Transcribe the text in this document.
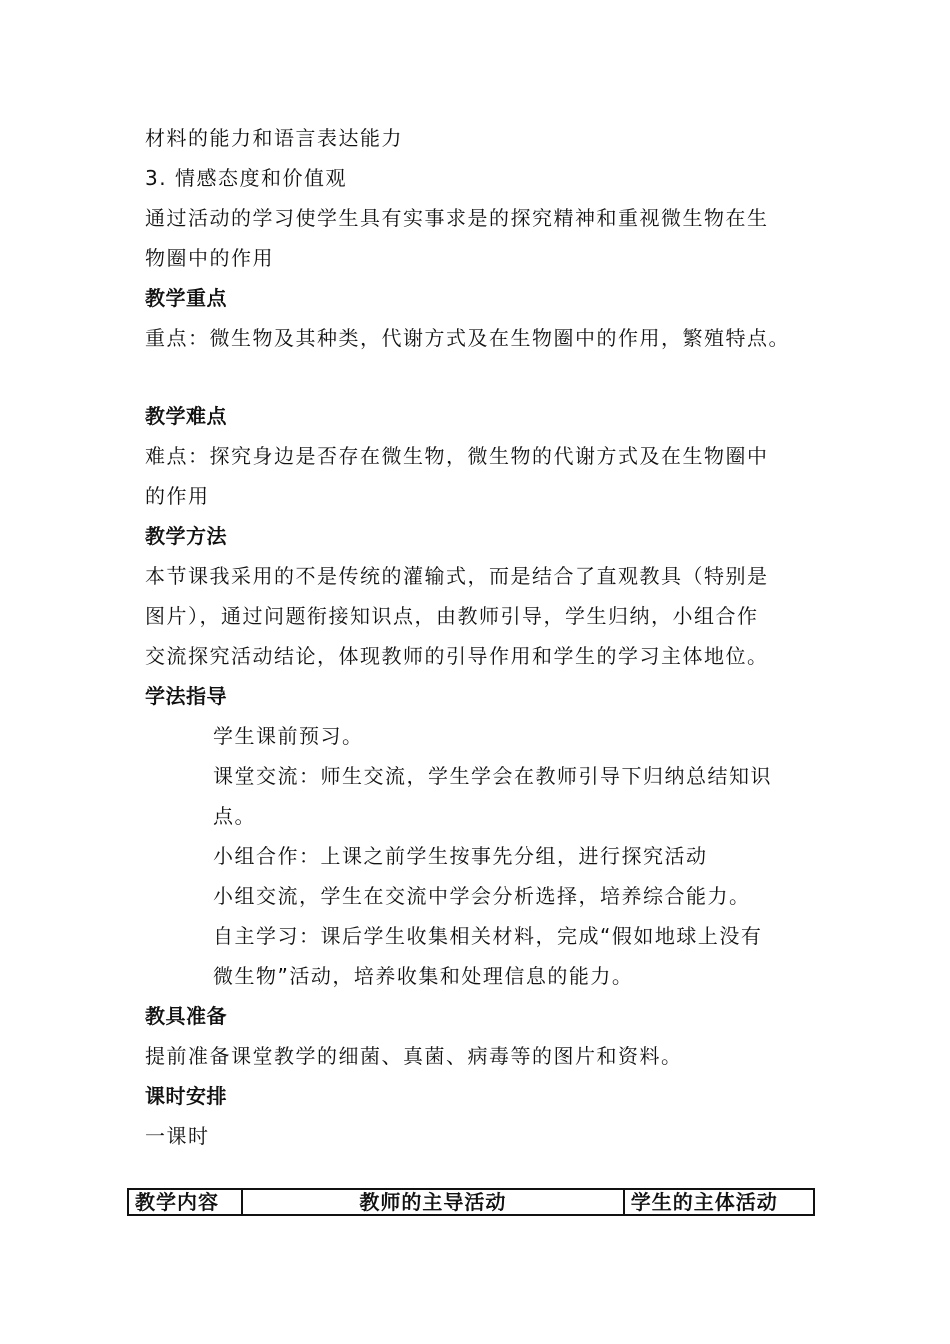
材料的能力和语言表达能力
3. 情感态度和价值观
通过活动的学习使学生具有实事求是的探究精神和重视微生物在生
物圈中的作用
教学重点
重点：微生物及其种类，代谢方式及在生物圈中的作用，繁殖特点。
教学难点
难点：探究身边是否存在微生物，微生物的代谢方式及在生物圈中
的作用
教学方法
本节课我采用的不是传统的灌输式，而是结合了直观教具（特别是
图片），通过问题衔接知识点，由教师引导，学生归纳，小组合作
交流探究活动结论，体现教师的引导作用和学生的学习主体地位。
学法指导
学生课前预习。
课堂交流：师生交流，学生学会在教师引导下归纳总结知识
点。
小组合作：上课之前学生按事先分组，进行探究活动
小组交流，学生在交流中学会分析选择，培养综合能力。
自主学习：课后学生收集相关材料，完成“假如地球上没有
微生物”活动，培养收集和处理信息的能力。
教具准备
提前准备课堂教学的细菌、真菌、病毒等的图片和资料。
课时安排
一课时
教学内容	教师的主导活动	学生的主体活动
